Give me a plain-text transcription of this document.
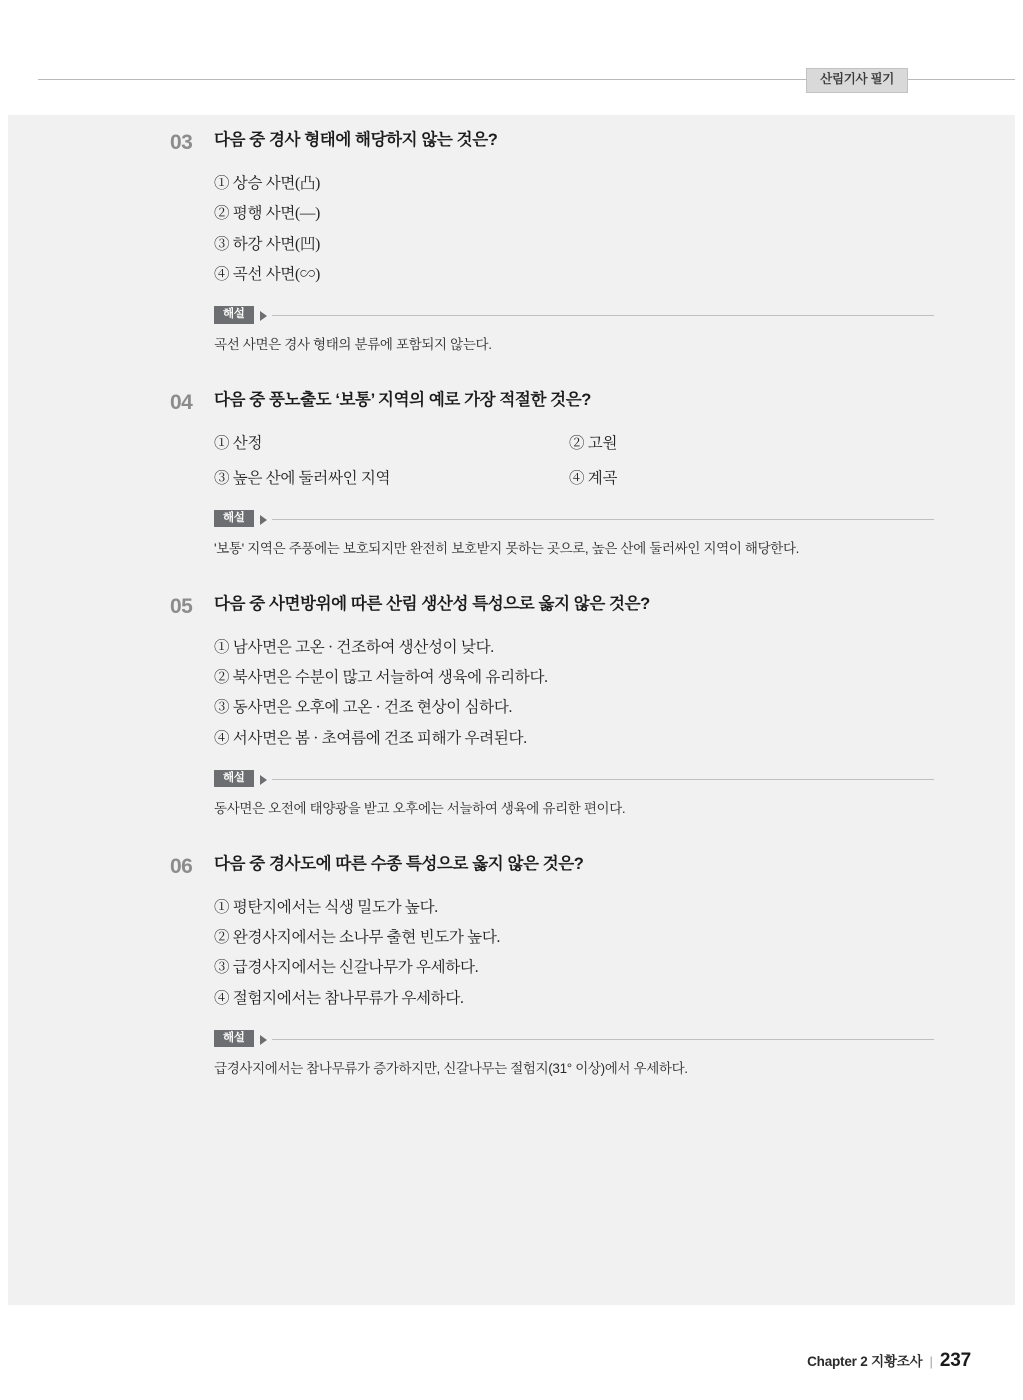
산림기사 필기
03	다음 중 경사 형태에 해당하지 않는 것은?
① 상승 사면(凸)
② 평행 사면(―)
③ 하강 사면(凹)
④ 곡선 사면(∽)
해설
곡선 사면은 경사 형태의 분류에 포함되지 않는다.
04	다음 중 풍노출도 ‘보통’ 지역의 예로 가장 적절한 것은?
① 산정	② 고원
③ 높은 산에 둘러싸인 지역	④ 계곡
해설
'보통' 지역은 주풍에는 보호되지만 완전히 보호받지 못하는 곳으로, 높은 산에 둘러싸인 지역이 해당한다.
05	다음 중 사면방위에 따른 산림 생산성 특성으로 옳지 않은 것은?
① 남사면은 고온 · 건조하여 생산성이 낮다.
② 북사면은 수분이 많고 서늘하여 생육에 유리하다.
③ 동사면은 오후에 고온 · 건조 현상이 심하다.
④ 서사면은 봄 · 초여름에 건조 피해가 우려된다.
해설
동사면은 오전에 태양광을 받고 오후에는 서늘하여 생육에 유리한 편이다.
06	다음 중 경사도에 따른 수종 특성으로 옳지 않은 것은?
① 평탄지에서는 식생 밀도가 높다.
② 완경사지에서는 소나무 출현 빈도가 높다.
③ 급경사지에서는 신갈나무가 우세하다.
④ 절험지에서는 참나무류가 우세하다.
해설
급경사지에서는 참나무류가 증가하지만, 신갈나무는 절험지(31° 이상)에서 우세하다.
Chapter 2 지황조사 | 237
